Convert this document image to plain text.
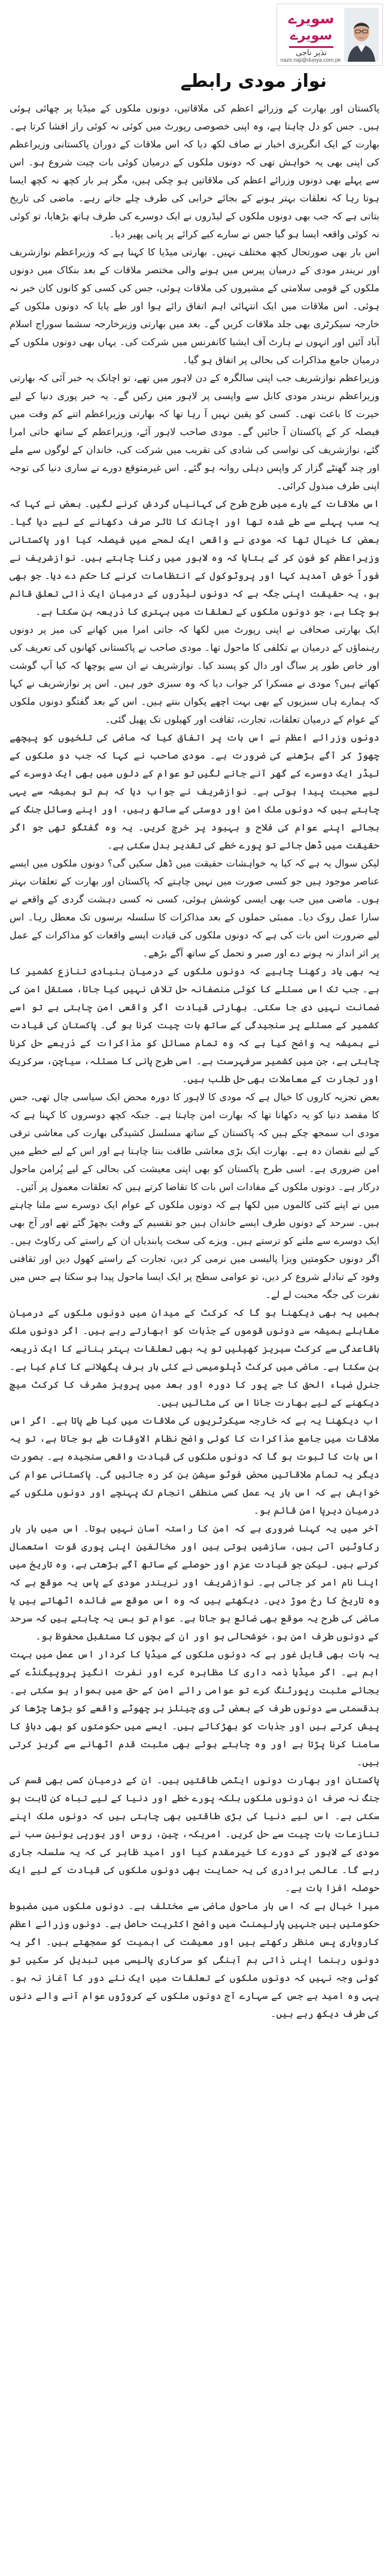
سویرے
سویرے
نذیر ناجی
nazir.naji@dunya.com.pk
نواز مودی رابطے

پاکستان اور بھارت کے وزرائے اعظم کی ملاقاتیں، دونوں ملکوں کے میڈیا پر چھائی ہوئی ہیں۔ جس کو دل چاہتا ہے، وہ اپنی خصوصی رپورٹ میں کوئی نہ کوئی راز افشا کرتا ہے۔ بھارت کے ایک انگریزی اخبار نے صاف لکھ دیا کہ اس ملاقات کے دوران پاکستانی وزیراعظم کی اپنی بھی یہ خواہش تھی کہ دونوں ملکوں کے درمیان کوئی بات چیت شروع ہو۔ اس سے پہلے بھی دونوں وزرائے اعظم کی ملاقاتیں ہو چکی ہیں، مگر ہر بار کچھ نہ کچھ ایسا ہوتا رہا کہ تعلقات بہتر ہونے کے بجائے خرابی کی طرف چلے جاتے رہے۔ ماضی کی تاریخ بتاتی ہے کہ جب بھی دونوں ملکوں کے لیڈروں نے ایک دوسرے کی طرف ہاتھ بڑھایا، تو کوئی نہ کوئی واقعہ ایسا ہو گیا جس نے سارے کیے کرائے پر پانی پھیر دیا۔

اس بار بھی صورتحال کچھ مختلف نہیں۔ بھارتی میڈیا کا کہنا ہے کہ وزیراعظم نوازشریف اور نریندر مودی کے درمیان پیرس میں ہونے والی مختصر ملاقات کے بعد بنکاک میں دونوں ملکوں کے قومی سلامتی کے مشیروں کی ملاقات ہوئی، جس کی کسی کو کانوں کان خبر نہ ہوئی۔ اس ملاقات میں ایک انتہائی اہم اتفاق رائے ہوا اور طے پایا کہ دونوں ملکوں کے خارجہ سیکرٹری بھی جلد ملاقات کریں گے۔ بعد میں بھارتی وزیرخارجہ سشما سوراج اسلام آباد آئیں اور انہوں نے ہارٹ آف ایشیا کانفرنس میں شرکت کی۔ یہاں بھی دونوں ملکوں کے درمیان جامع مذاکرات کی بحالی پر اتفاق ہو گیا۔

وزیراعظم نوازشریف جب اپنی سالگرہ کے دن لاہور میں تھے، تو اچانک یہ خبر آئی کہ بھارتی وزیراعظم نریندر مودی کابل سے واپسی پر لاہور میں رکیں گے۔ یہ خبر پوری دنیا کے لیے حیرت کا باعث تھی۔ کسی کو یقین نہیں آ رہا تھا کہ بھارتی وزیراعظم اتنے کم وقت میں فیصلہ کر کے پاکستان آ جائیں گے۔ مودی صاحب لاہور آئے، وزیراعظم کے ساتھ جاتی امرا گئے، نوازشریف کی نواسی کی شادی کی تقریب میں شرکت کی، خاندان کے لوگوں سے ملے اور چند گھنٹے گزار کر واپس دہلی روانہ ہو گئے۔ اس غیرمتوقع دورے نے ساری دنیا کی توجہ اپنی طرف مبذول کرائی۔

اس ملاقات کے بارے میں طرح طرح کی کہانیاں گردش کرنے لگیں۔ بعض نے کہا کہ یہ سب پہلے سے طے شدہ تھا اور اچانک کا تاثر صرف دکھانے کے لیے دیا گیا۔ بعض کا خیال تھا کہ مودی نے واقعی ایک لمحے میں فیصلہ کیا اور پاکستانی وزیراعظم کو فون کر کے بتایا کہ وہ لاہور میں رکنا چاہتے ہیں۔ نوازشریف نے فوراً خوش آمدید کہا اور پروٹوکول کے انتظامات کرنے کا حکم دے دیا۔ جو بھی ہو، یہ حقیقت اپنی جگہ ہے کہ دونوں لیڈروں کے درمیان ایک ذاتی تعلق قائم ہو چکا ہے، جو دونوں ملکوں کے تعلقات میں بہتری کا ذریعہ بن سکتا ہے۔

ایک بھارتی صحافی نے اپنی رپورٹ میں لکھا کہ جاتی امرا میں کھانے کی میز پر دونوں رہنماؤں کے درمیان بے تکلفی کا ماحول تھا۔ مودی صاحب نے پاکستانی کھانوں کی تعریف کی اور خاص طور پر ساگ اور دال کو پسند کیا۔ نوازشریف نے ان سے پوچھا کہ کیا آپ گوشت کھاتے ہیں؟ مودی نے مسکرا کر جواب دیا کہ وہ سبزی خور ہیں۔ اس پر نوازشریف نے کہا کہ ہمارے ہاں سبزیوں کے بھی بہت اچھے پکوان بنتے ہیں۔ اس کے بعد گفتگو دونوں ملکوں کے عوام کے درمیان تعلقات، تجارت، ثقافت اور کھیلوں تک پھیل گئی۔

دونوں وزرائے اعظم نے اس بات پر اتفاق کیا کہ ماضی کی تلخیوں کو پیچھے چھوڑ کر آگے بڑھنے کی ضرورت ہے۔ مودی صاحب نے کہا کہ جب دو ملکوں کے لیڈر ایک دوسرے کے گھر آنے جانے لگیں تو عوام کے دلوں میں بھی ایک دوسرے کے لیے محبت پیدا ہوتی ہے۔ نوازشریف نے جواب دیا کہ ہم تو ہمیشہ سے یہی چاہتے ہیں کہ دونوں ملک امن اور دوستی کے ساتھ رہیں، اور اپنے وسائل جنگ کے بجائے اپنے عوام کی فلاح و بہبود پر خرچ کریں۔ یہ وہ گفتگو تھی جو اگر حقیقت میں ڈھل جائے تو پورے خطے کی تقدیر بدل سکتی ہے۔

لیکن سوال یہ ہے کہ کیا یہ خواہشات حقیقت میں ڈھل سکیں گی؟ دونوں ملکوں میں ایسے عناصر موجود ہیں جو کسی صورت میں نہیں چاہتے کہ پاکستان اور بھارت کے تعلقات بہتر ہوں۔ ماضی میں جب بھی ایسی کوشش ہوئی، کسی نہ کسی دہشت گردی کے واقعے نے سارا عمل روک دیا۔ ممبئی حملوں کے بعد مذاکرات کا سلسلہ برسوں تک معطل رہا۔ اس لیے ضرورت اس بات کی ہے کہ دونوں ملکوں کی قیادت ایسے واقعات کو مذاکرات کے عمل پر اثر انداز نہ ہونے دے اور صبر و تحمل کے ساتھ آگے بڑھے۔

یہ بھی یاد رکھنا چاہیے کہ دونوں ملکوں کے درمیان بنیادی تنازع کشمیر کا ہے۔ جب تک اس مسئلے کا کوئی منصفانہ حل تلاش نہیں کیا جاتا، مستقل امن کی ضمانت نہیں دی جا سکتی۔ بھارتی قیادت اگر واقعی امن چاہتی ہے تو اسے کشمیر کے مسئلے پر سنجیدگی کے ساتھ بات چیت کرنا ہو گی۔ پاکستان کی قیادت نے ہمیشہ یہ واضح کیا ہے کہ وہ تمام مسائل کو مذاکرات کے ذریعے حل کرنا چاہتی ہے، جن میں کشمیر سرفہرست ہے۔ اسی طرح پانی کا مسئلہ، سیاچن، سرکریک اور تجارت کے معاملات بھی حل طلب ہیں۔

بعض تجزیہ کاروں کا خیال ہے کہ مودی کا لاہور کا دورہ محض ایک سیاسی چال تھی، جس کا مقصد دنیا کو یہ دکھانا تھا کہ بھارت امن چاہتا ہے۔ جبکہ کچھ دوسروں کا کہنا ہے کہ مودی اب سمجھ چکے ہیں کہ پاکستان کے ساتھ مسلسل کشیدگی بھارت کی معاشی ترقی کے لیے نقصان دہ ہے۔ بھارت ایک بڑی معاشی طاقت بننا چاہتا ہے اور اس کے لیے خطے میں امن ضروری ہے۔ اسی طرح پاکستان کو بھی اپنی معیشت کی بحالی کے لیے پُرامن ماحول درکار ہے۔ دونوں ملکوں کے مفادات اس بات کا تقاضا کرتے ہیں کہ تعلقات معمول پر آئیں۔

میں نے اپنے کئی کالموں میں لکھا ہے کہ دونوں ملکوں کے عوام ایک دوسرے سے ملنا چاہتے ہیں۔ سرحد کے دونوں طرف ایسے خاندان ہیں جو تقسیم کے وقت بچھڑ گئے تھے اور آج بھی ایک دوسرے سے ملنے کو ترستے ہیں۔ ویزے کی سخت پابندیاں ان کے راستے کی رکاوٹ ہیں۔ اگر دونوں حکومتیں ویزا پالیسی میں نرمی کر دیں، تجارت کے راستے کھول دیں اور ثقافتی وفود کے تبادلے شروع کر دیں، تو عوامی سطح پر ایک ایسا ماحول پیدا ہو سکتا ہے جس میں نفرت کی جگہ محبت لے لے۔

ہمیں یہ بھی دیکھنا ہو گا کہ کرکٹ کے میدان میں دونوں ملکوں کے درمیان مقابلے ہمیشہ سے دونوں قوموں کے جذبات کو ابھارتے رہے ہیں۔ اگر دونوں ملک باقاعدگی سے کرکٹ سیریز کھیلیں تو یہ بھی تعلقات بہتر بنانے کا ایک ذریعہ بن سکتا ہے۔ ماضی میں کرکٹ ڈپلومیسی نے کئی بار برف پگھلانے کا کام کیا ہے۔ جنرل ضیاء الحق کا جے پور کا دورہ اور بعد میں پرویز مشرف کا کرکٹ میچ دیکھنے کے لیے بھارت جانا اس کی مثالیں ہیں۔

اب دیکھنا یہ ہے کہ خارجہ سیکرٹریوں کی ملاقات میں کیا طے پاتا ہے۔ اگر اس ملاقات میں جامع مذاکرات کا کوئی واضح نظام الاوقات طے ہو جاتا ہے، تو یہ اس بات کا ثبوت ہو گا کہ دونوں ملکوں کی قیادت واقعی سنجیدہ ہے۔ بصورت دیگر یہ تمام ملاقاتیں محض فوٹو سیشن بن کر رہ جائیں گی۔ پاکستانی عوام کی خواہش ہے کہ اس بار یہ عمل کسی منطقی انجام تک پہنچے اور دونوں ملکوں کے درمیان دیرپا امن قائم ہو۔

آخر میں یہ کہنا ضروری ہے کہ امن کا راستہ آسان نہیں ہوتا۔ اس میں بار بار رکاوٹیں آتی ہیں، سازشیں ہوتی ہیں اور مخالفین اپنی پوری قوت استعمال کرتے ہیں۔ لیکن جو قیادت عزم اور حوصلے کے ساتھ آگے بڑھتی ہے، وہ تاریخ میں اپنا نام امر کر جاتی ہے۔ نوازشریف اور نریندر مودی کے پاس یہ موقع ہے کہ وہ تاریخ کا رخ موڑ دیں۔ دیکھتے ہیں کہ وہ اس موقع سے فائدہ اٹھاتے ہیں یا ماضی کی طرح یہ موقع بھی ضائع ہو جاتا ہے۔ عوام تو بس یہ چاہتے ہیں کہ سرحد کے دونوں طرف امن ہو، خوشحالی ہو اور ان کے بچوں کا مستقبل محفوظ ہو۔

یہ بات بھی قابل غور ہے کہ دونوں ملکوں کے میڈیا کا کردار اس عمل میں بہت اہم ہے۔ اگر میڈیا ذمہ داری کا مظاہرہ کرے اور نفرت انگیز پروپیگنڈے کے بجائے مثبت رپورٹنگ کرے تو عوامی رائے امن کے حق میں ہموار ہو سکتی ہے۔ بدقسمتی سے دونوں طرف کے بعض ٹی وی چینلز ہر چھوٹے واقعے کو بڑھا چڑھا کر پیش کرتے ہیں اور جذبات کو بھڑکاتے ہیں۔ ایسے میں حکومتوں کو بھی دباؤ کا سامنا کرنا پڑتا ہے اور وہ چاہتے ہوئے بھی مثبت قدم اٹھانے سے گریز کرتی ہیں۔

پاکستان اور بھارت دونوں ایٹمی طاقتیں ہیں۔ ان کے درمیان کسی بھی قسم کی جنگ نہ صرف ان دونوں ملکوں بلکہ پورے خطے اور دنیا کے لیے تباہ کن ثابت ہو سکتی ہے۔ اس لیے دنیا کی بڑی طاقتیں بھی چاہتی ہیں کہ دونوں ملک اپنے تنازعات بات چیت سے حل کریں۔ امریکہ، چین، روس اور یورپی یونین سب نے مودی کے لاہور کے دورے کا خیرمقدم کیا اور امید ظاہر کی کہ یہ سلسلہ جاری رہے گا۔ عالمی برادری کی یہ حمایت بھی دونوں ملکوں کی قیادت کے لیے ایک حوصلہ افزا بات ہے۔

میرا خیال ہے کہ اس بار ماحول ماضی سے مختلف ہے۔ دونوں ملکوں میں مضبوط حکومتیں ہیں جنہیں پارلیمنٹ میں واضح اکثریت حاصل ہے۔ دونوں وزرائے اعظم کاروباری پس منظر رکھتے ہیں اور معیشت کی اہمیت کو سمجھتے ہیں۔ اگر یہ دونوں رہنما اپنی ذاتی ہم آہنگی کو سرکاری پالیسی میں تبدیل کر سکیں تو کوئی وجہ نہیں کہ دونوں ملکوں کے تعلقات میں ایک نئے دور کا آغاز نہ ہو۔ یہی وہ امید ہے جس کے سہارے آج دونوں ملکوں کے کروڑوں عوام آنے والے دنوں کی طرف دیکھ رہے ہیں۔
